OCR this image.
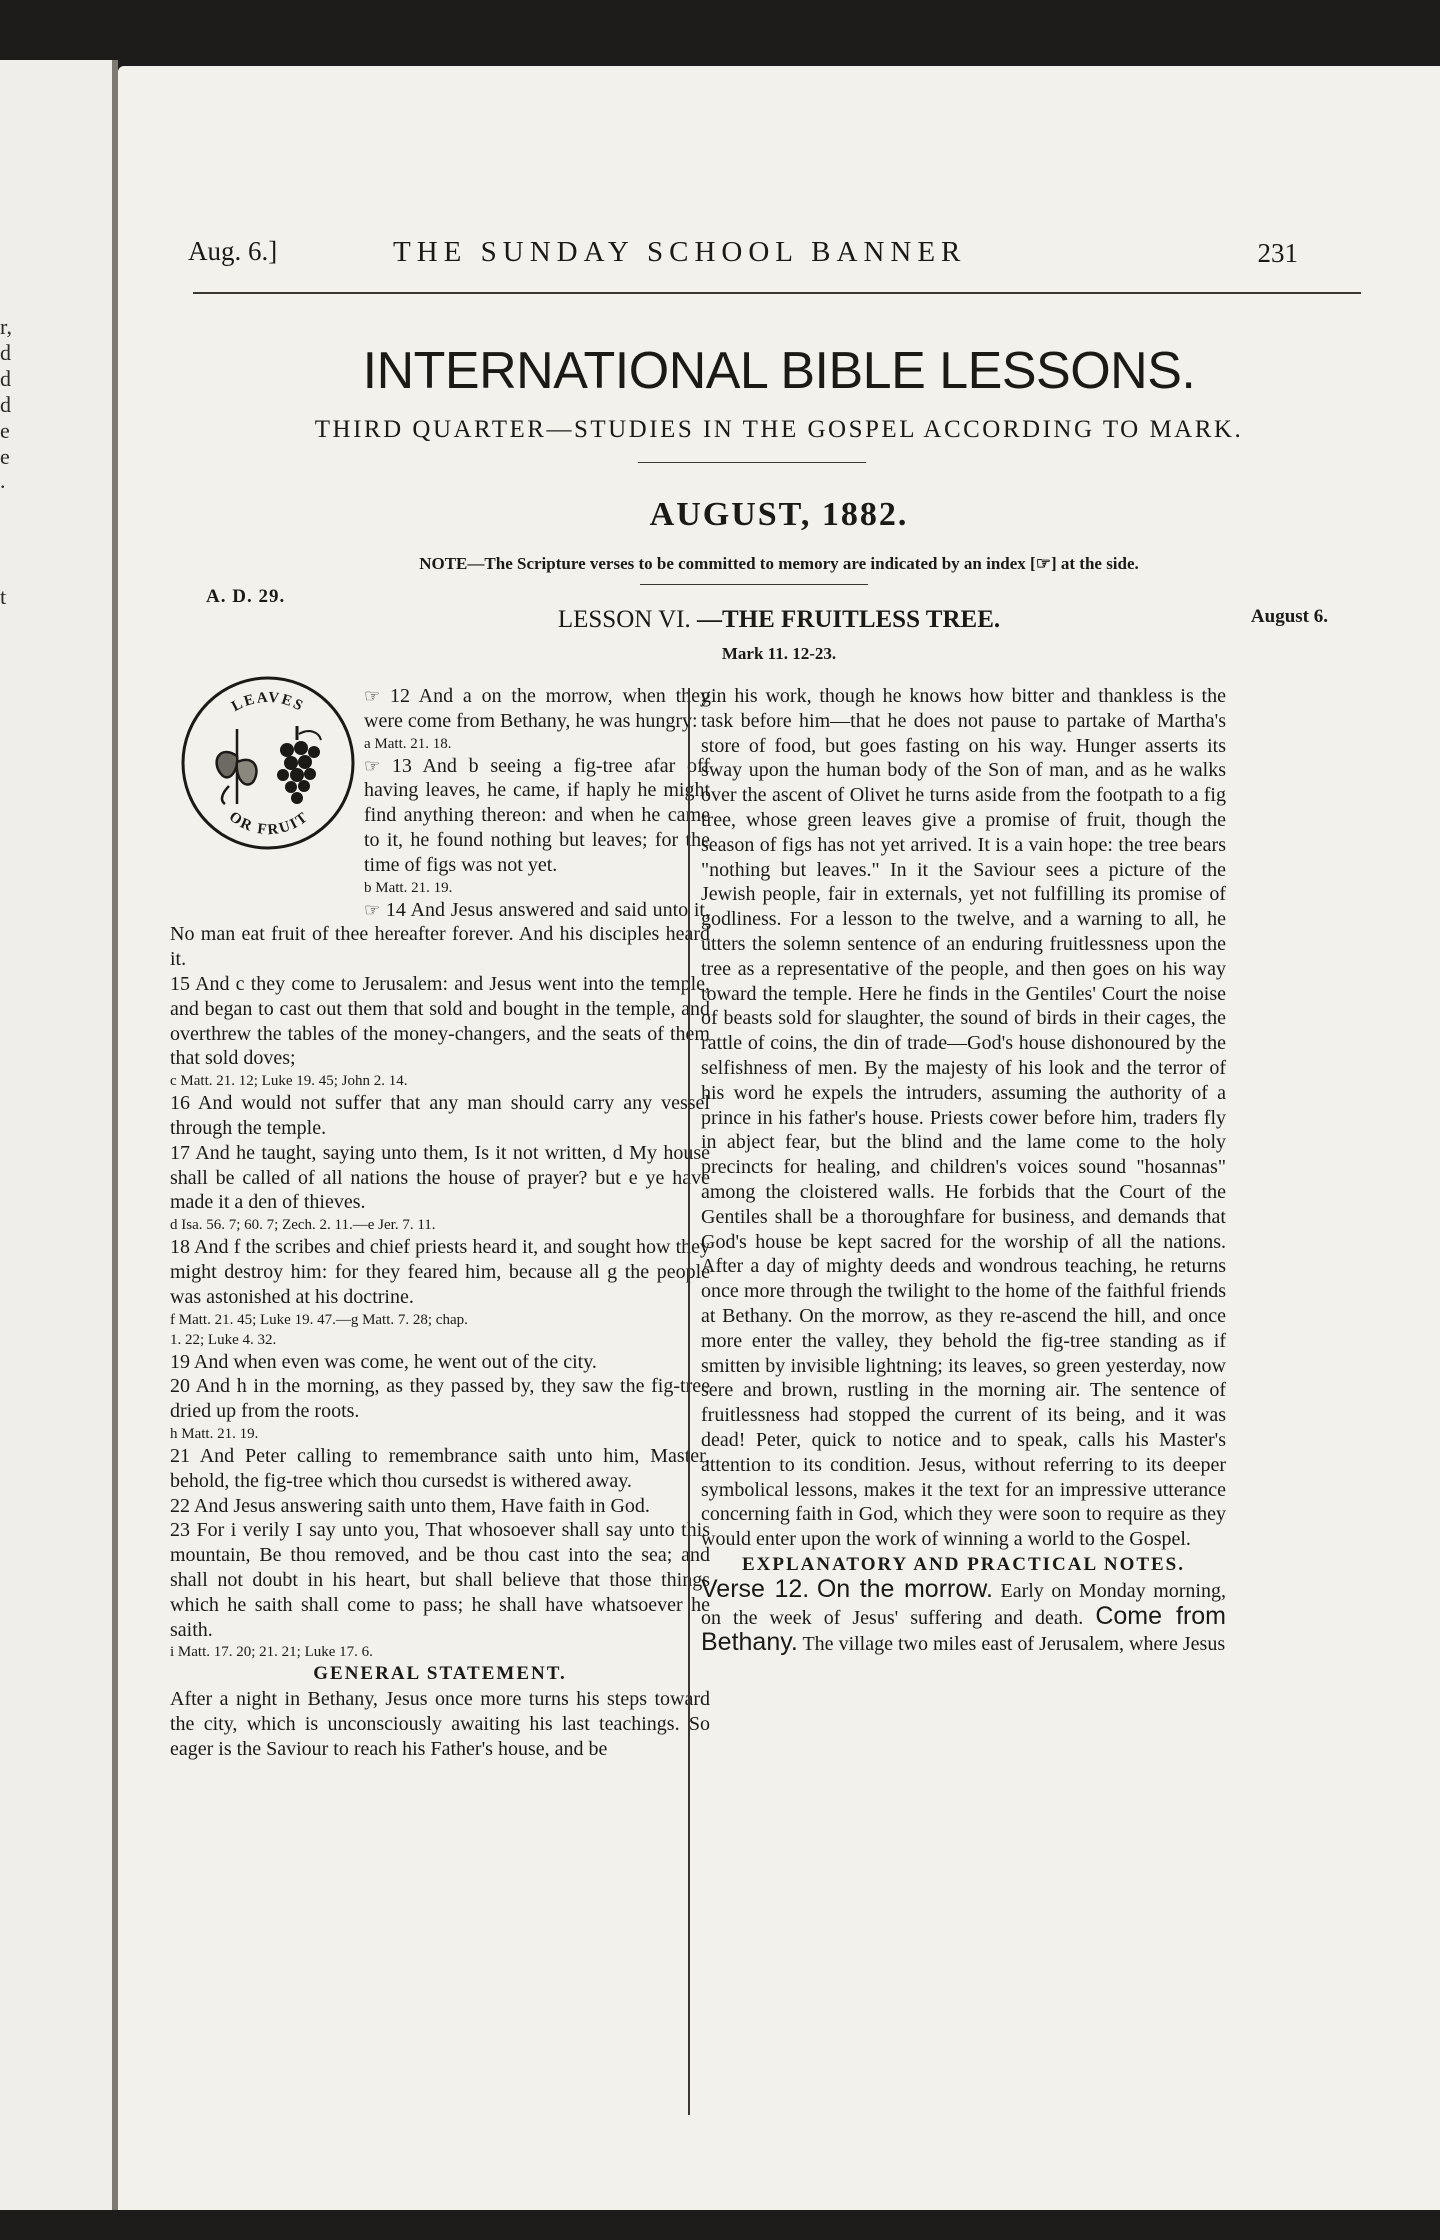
r,
d
d
d
e
e
.
t
Aug. 6.]	THE SUNDAY SCHOOL BANNER	231
INTERNATIONAL BIBLE LESSONS.
THIRD QUARTER—STUDIES IN THE GOSPEL ACCORDING TO MARK.
AUGUST, 1882.
NOTE—The Scripture verses to be committed to memory are indicated by an index [☞] at the side.
A. D. 29.
LESSON VI. —THE FRUITLESS TREE.	August 6.
Mark 11. 12-23.
LEAVES
OR FRUIT

☞ 12 And a on the morrow, when they were come from Bethany, he was hungry:

a Matt. 21. 18.

☞ 13 And b seeing a fig-tree afar off having leaves, he came, if haply he might find anything thereon: and when he came to it, he found nothing but leaves; for the time of figs was not yet.

b Matt. 21. 19.

☞ 14 And Jesus answered and said unto it, No man eat fruit of thee hereafter forever. And his disciples heard it.

15 And c they come to Jerusalem: and Jesus went into the temple, and began to cast out them that sold and bought in the temple, and overthrew the tables of the money-changers, and the seats of them that sold doves;

c Matt. 21. 12; Luke 19. 45; John 2. 14.

16 And would not suffer that any man should carry any vessel through the temple.

17 And he taught, saying unto them, Is it not written, d My house shall be called of all nations the house of prayer? but e ye have made it a den of thieves.

d Isa. 56. 7; 60. 7; Zech. 2. 11.—e Jer. 7. 11.

18 And f the scribes and chief priests heard it, and sought how they might destroy him: for they feared him, because all g the people was astonished at his doctrine.

f Matt. 21. 45; Luke 19. 47.—g Matt. 7. 28; chap.

1. 22; Luke 4. 32.

19 And when even was come, he went out of the city.

20 And h in the morning, as they passed by, they saw the fig-tree dried up from the roots.

h Matt. 21. 19.

21 And Peter calling to remembrance saith unto him, Master, behold, the fig-tree which thou cursedst is withered away.

22 And Jesus answering saith unto them, Have faith in God.

23 For i verily I say unto you, That whosoever shall say unto this mountain, Be thou removed, and be thou cast into the sea; and shall not doubt in his heart, but shall believe that those things which he saith shall come to pass; he shall have whatsoever he saith.

i Matt. 17. 20; 21. 21; Luke 17. 6.

GENERAL STATEMENT.

After a night in Bethany, Jesus once more turns his steps toward the city, which is unconsciously awaiting his last teachings. So eager is the Saviour to reach his Father's house, and be

gin his work, though he knows how bitter and thankless is the task before him—that he does not pause to partake of Martha's store of food, but goes fasting on his way. Hunger asserts its sway upon the human body of the Son of man, and as he walks over the ascent of Olivet he turns aside from the footpath to a fig tree, whose green leaves give a promise of fruit, though the season of figs has not yet arrived. It is a vain hope: the tree bears "nothing but leaves." In it the Saviour sees a picture of the Jewish people, fair in externals, yet not fulfilling its promise of godliness. For a lesson to the twelve, and a warning to all, he utters the solemn sentence of an enduring fruitlessness upon the tree as a representative of the people, and then goes on his way toward the temple. Here he finds in the Gentiles' Court the noise of beasts sold for slaughter, the sound of birds in their cages, the rattle of coins, the din of trade—God's house dishonoured by the selfishness of men. By the majesty of his look and the terror of his word he expels the intruders, assuming the authority of a prince in his father's house. Priests cower before him, traders fly in abject fear, but the blind and the lame come to the holy precincts for healing, and children's voices sound "hosannas" among the cloistered walls. He forbids that the Court of the Gentiles shall be a thoroughfare for business, and demands that God's house be kept sacred for the worship of all the nations. After a day of mighty deeds and wondrous teaching, he returns once more through the twilight to the home of the faithful friends at Bethany. On the morrow, as they re-ascend the hill, and once more enter the valley, they behold the fig-tree standing as if smitten by invisible lightning; its leaves, so green yesterday, now sere and brown, rustling in the morning air. The sentence of fruitlessness had stopped the current of its being, and it was dead! Peter, quick to notice and to speak, calls his Master's attention to its condition. Jesus, without referring to its deeper symbolical lessons, makes it the text for an impressive utterance concerning faith in God, which they were soon to require as they would enter upon the work of winning a world to the Gospel.

EXPLANATORY AND PRACTICAL NOTES.

Verse 12. On the morrow. Early on Monday morning, on the week of Jesus' suffering and death. Come from Bethany. The village two miles east of Jerusalem, where Jesus
